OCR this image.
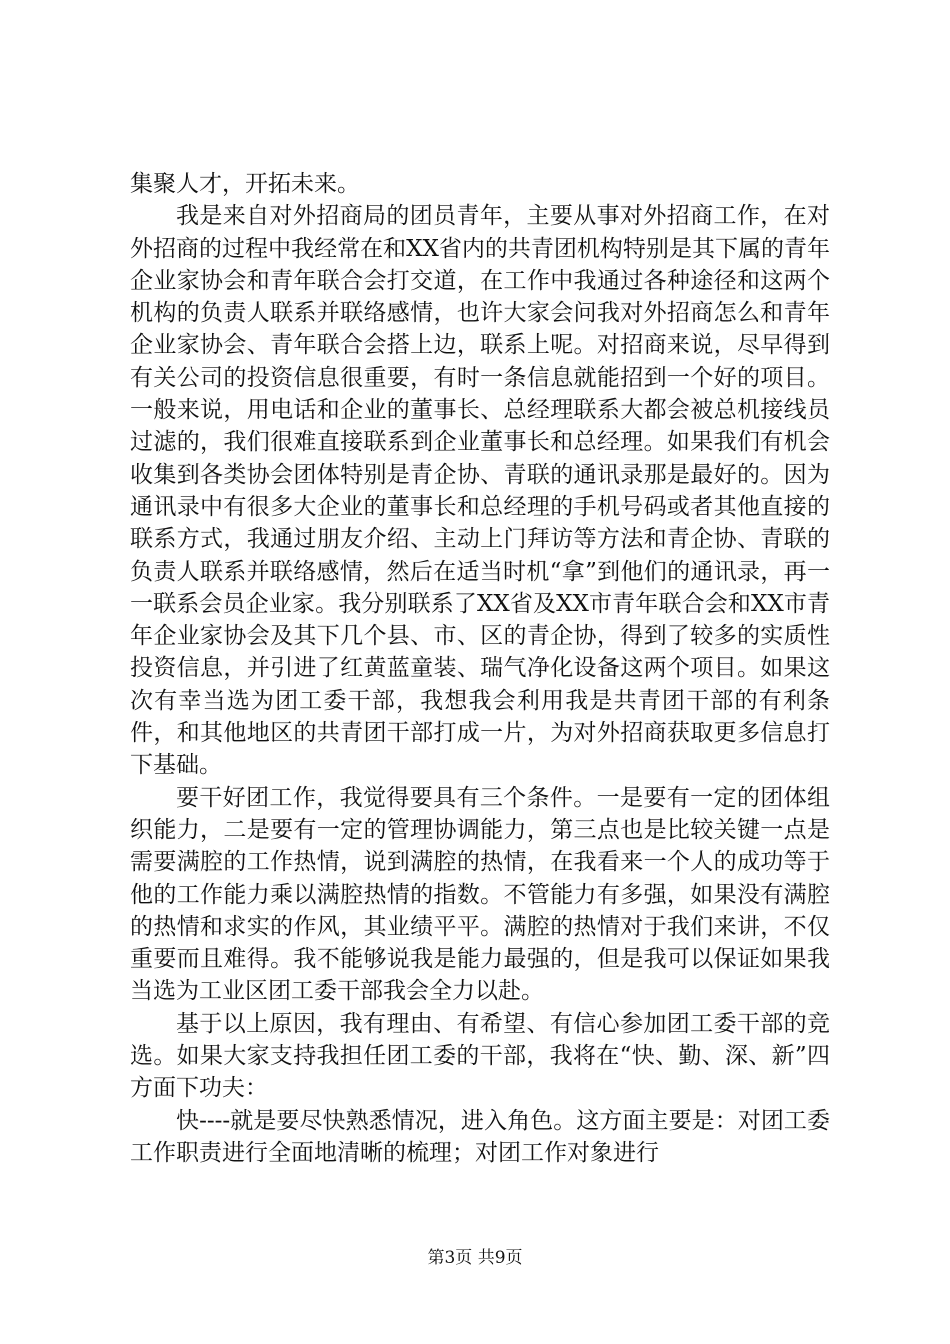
集聚人才，开拓未来。

我是来自对外招商局的团员青年，主要从事对外招商工作，在对外招商的过程中我经常在和XX省内的共青团机构特别是其下属的青年企业家协会和青年联合会打交道，在工作中我通过各种途径和这两个机构的负责人联系并联络感情，也许大家会问我对外招商怎么和青年企业家协会、青年联合会搭上边，联系上呢。对招商来说，尽早得到有关公司的投资信息很重要，有时一条信息就能招到一个好的项目。一般来说，用电话和企业的董事长、总经理联系大都会被总机接线员过滤的，我们很难直接联系到企业董事长和总经理。如果我们有机会收集到各类协会团体特别是青企协、青联的通讯录那是最好的。因为通讯录中有很多大企业的董事长和总经理的手机号码或者其他直接的联系方式，我通过朋友介绍、主动上门拜访等方法和青企协、青联的负责人联系并联络感情，然后在适当时机“拿”到他们的通讯录，再一一联系会员企业家。我分别联系了XX省及XX市青年联合会和XX市青年企业家协会及其下几个县、市、区的青企协，得到了较多的实质性投资信息，并引进了红黄蓝童装、瑞气净化设备这两个项目。如果这次有幸当选为团工委干部，我想我会利用我是共青团干部的有利条件，和其他地区的共青团干部打成一片，为对外招商获取更多信息打下基础。

要干好团工作，我觉得要具有三个条件。一是要有一定的团体组织能力，二是要有一定的管理协调能力，第三点也是比较关键一点是需要满腔的工作热情，说到满腔的热情，在我看来一个人的成功等于他的工作能力乘以满腔热情的指数。不管能力有多强，如果没有满腔的热情和求实的作风，其业绩平平。满腔的热情对于我们来讲，不仅重要而且难得。我不能够说我是能力最强的，但是我可以保证如果我当选为工业区团工委干部我会全力以赴。

基于以上原因，我有理由、有希望、有信心参加团工委干部的竞选。如果大家支持我担任团工委的干部，我将在“快、勤、深、新”四方面下功夫：

快----就是要尽快熟悉情况，进入角色。这方面主要是：对团工委工作职责进行全面地清晰的梳理；对团工作对象进行

第3页 共9页
